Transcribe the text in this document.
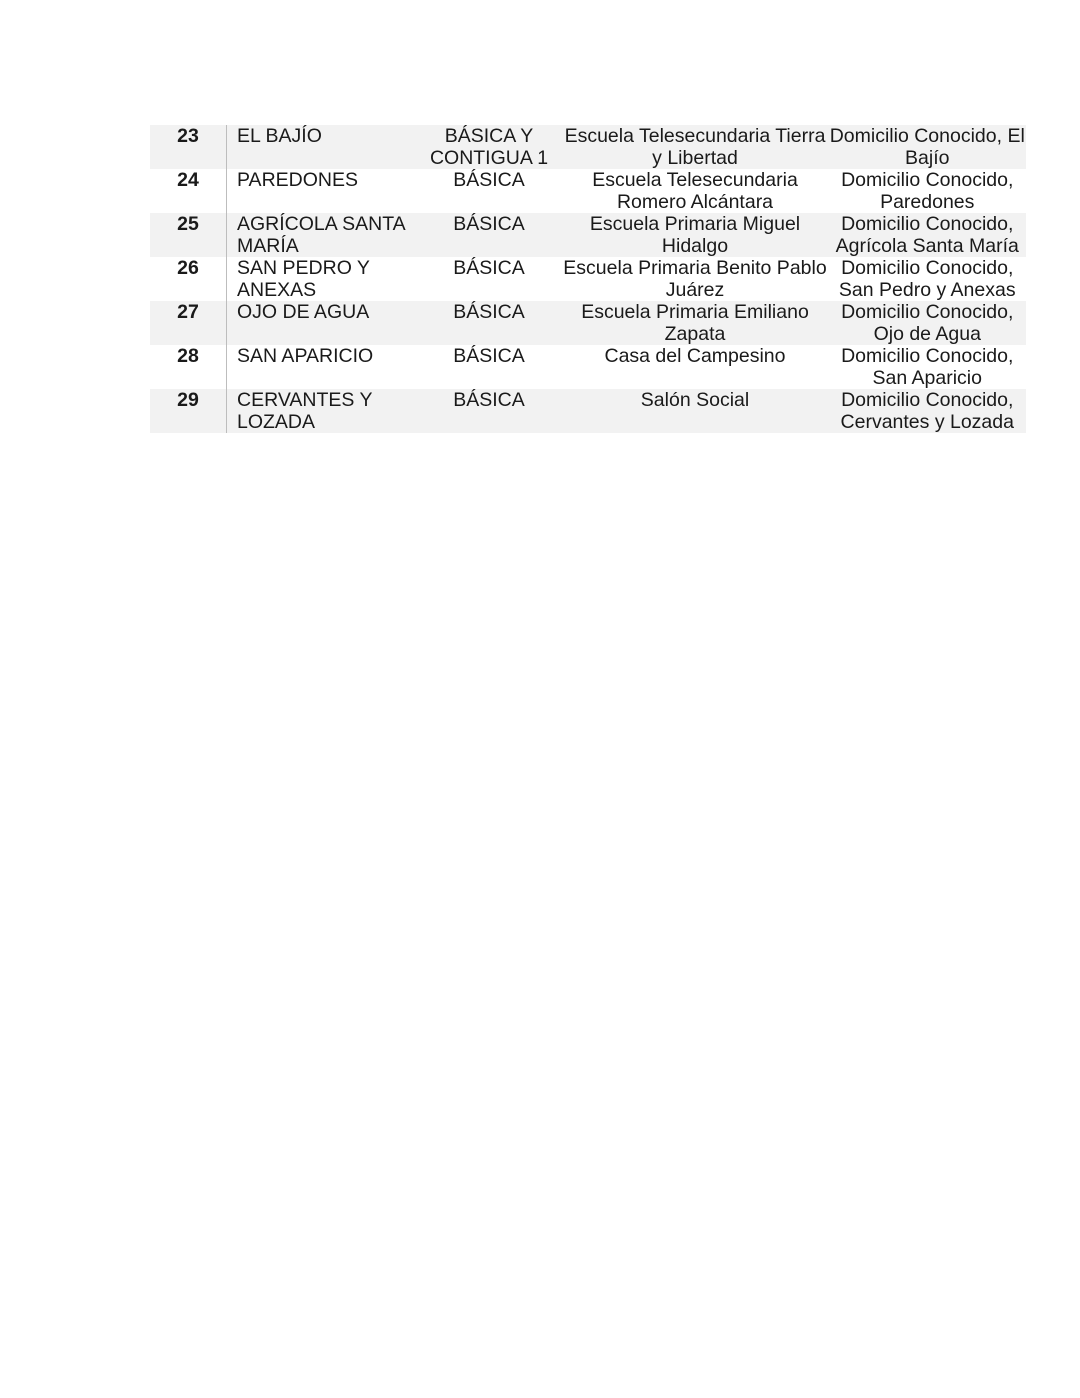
23	EL BAJÍO	BÁSICA Y CONTIGUA 1	Escuela Telesecundaria Tierra y Libertad	Domicilio Conocido, El Bajío
24	PAREDONES	BÁSICA	Escuela Telesecundaria Romero Alcántara	Domicilio Conocido, Paredones
25	AGRÍCOLA SANTA MARÍA	BÁSICA	Escuela Primaria Miguel Hidalgo	Domicilio Conocido, Agrícola Santa María
26	SAN PEDRO Y ANEXAS	BÁSICA	Escuela Primaria Benito Pablo Juárez	Domicilio Conocido, San Pedro y Anexas
27	OJO DE AGUA	BÁSICA	Escuela Primaria Emiliano Zapata	Domicilio Conocido, Ojo de Agua
28	SAN APARICIO	BÁSICA	Casa del Campesino	Domicilio Conocido, San Aparicio
29	CERVANTES Y LOZADA	BÁSICA	Salón Social	Domicilio Conocido, Cervantes y Lozada
